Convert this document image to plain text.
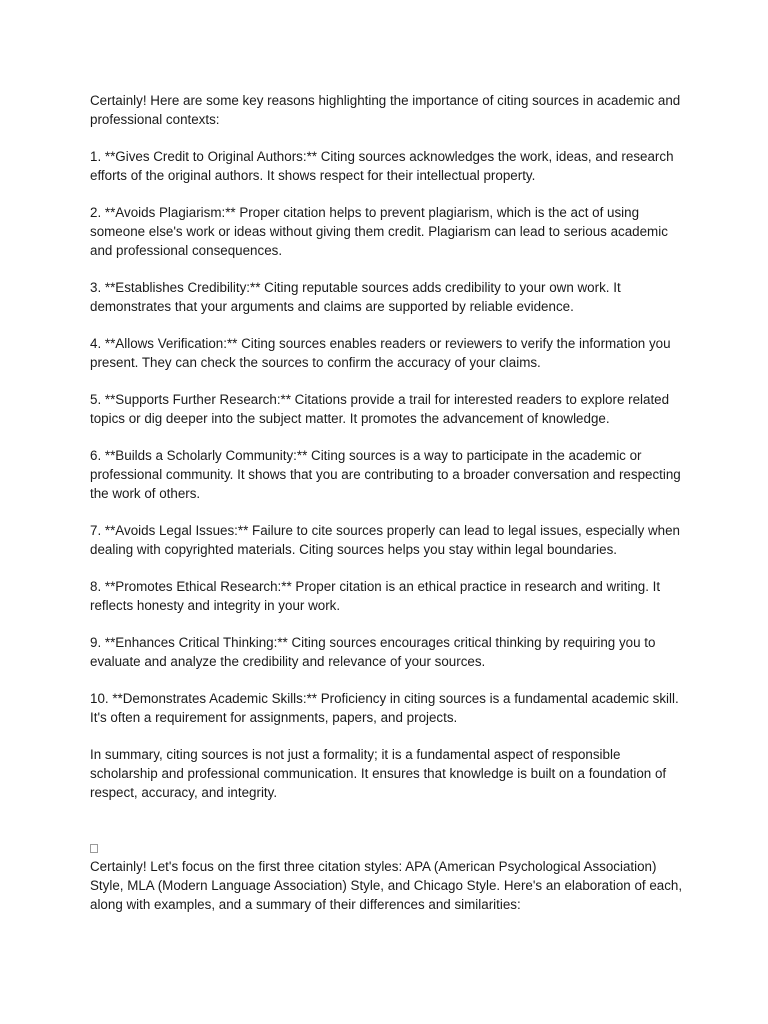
Certainly! Here are some key reasons highlighting the importance of citing sources in academic and professional contexts:

1. **Gives Credit to Original Authors:** Citing sources acknowledges the work, ideas, and research efforts of the original authors. It shows respect for their intellectual property.

2. **Avoids Plagiarism:** Proper citation helps to prevent plagiarism, which is the act of using someone else's work or ideas without giving them credit. Plagiarism can lead to serious academic and professional consequences.

3. **Establishes Credibility:** Citing reputable sources adds credibility to your own work. It demonstrates that your arguments and claims are supported by reliable evidence.

4. **Allows Verification:** Citing sources enables readers or reviewers to verify the information you present. They can check the sources to confirm the accuracy of your claims.

5. **Supports Further Research:** Citations provide a trail for interested readers to explore related topics or dig deeper into the subject matter. It promotes the advancement of knowledge.

6. **Builds a Scholarly Community:** Citing sources is a way to participate in the academic or professional community. It shows that you are contributing to a broader conversation and respecting the work of others.

7. **Avoids Legal Issues:** Failure to cite sources properly can lead to legal issues, especially when dealing with copyrighted materials. Citing sources helps you stay within legal boundaries.

8. **Promotes Ethical Research:** Proper citation is an ethical practice in research and writing. It reflects honesty and integrity in your work.

9. **Enhances Critical Thinking:** Citing sources encourages critical thinking by requiring you to evaluate and analyze the credibility and relevance of your sources.

10. **Demonstrates Academic Skills:** Proficiency in citing sources is a fundamental academic skill. It's often a requirement for assignments, papers, and projects.

In summary, citing sources is not just a formality; it is a fundamental aspect of responsible scholarship and professional communication. It ensures that knowledge is built on a foundation of respect, accuracy, and integrity.

Certainly! Let's focus on the first three citation styles: APA (American Psychological Association) Style, MLA (Modern Language Association) Style, and Chicago Style. Here's an elaboration of each, along with examples, and a summary of their differences and similarities:
